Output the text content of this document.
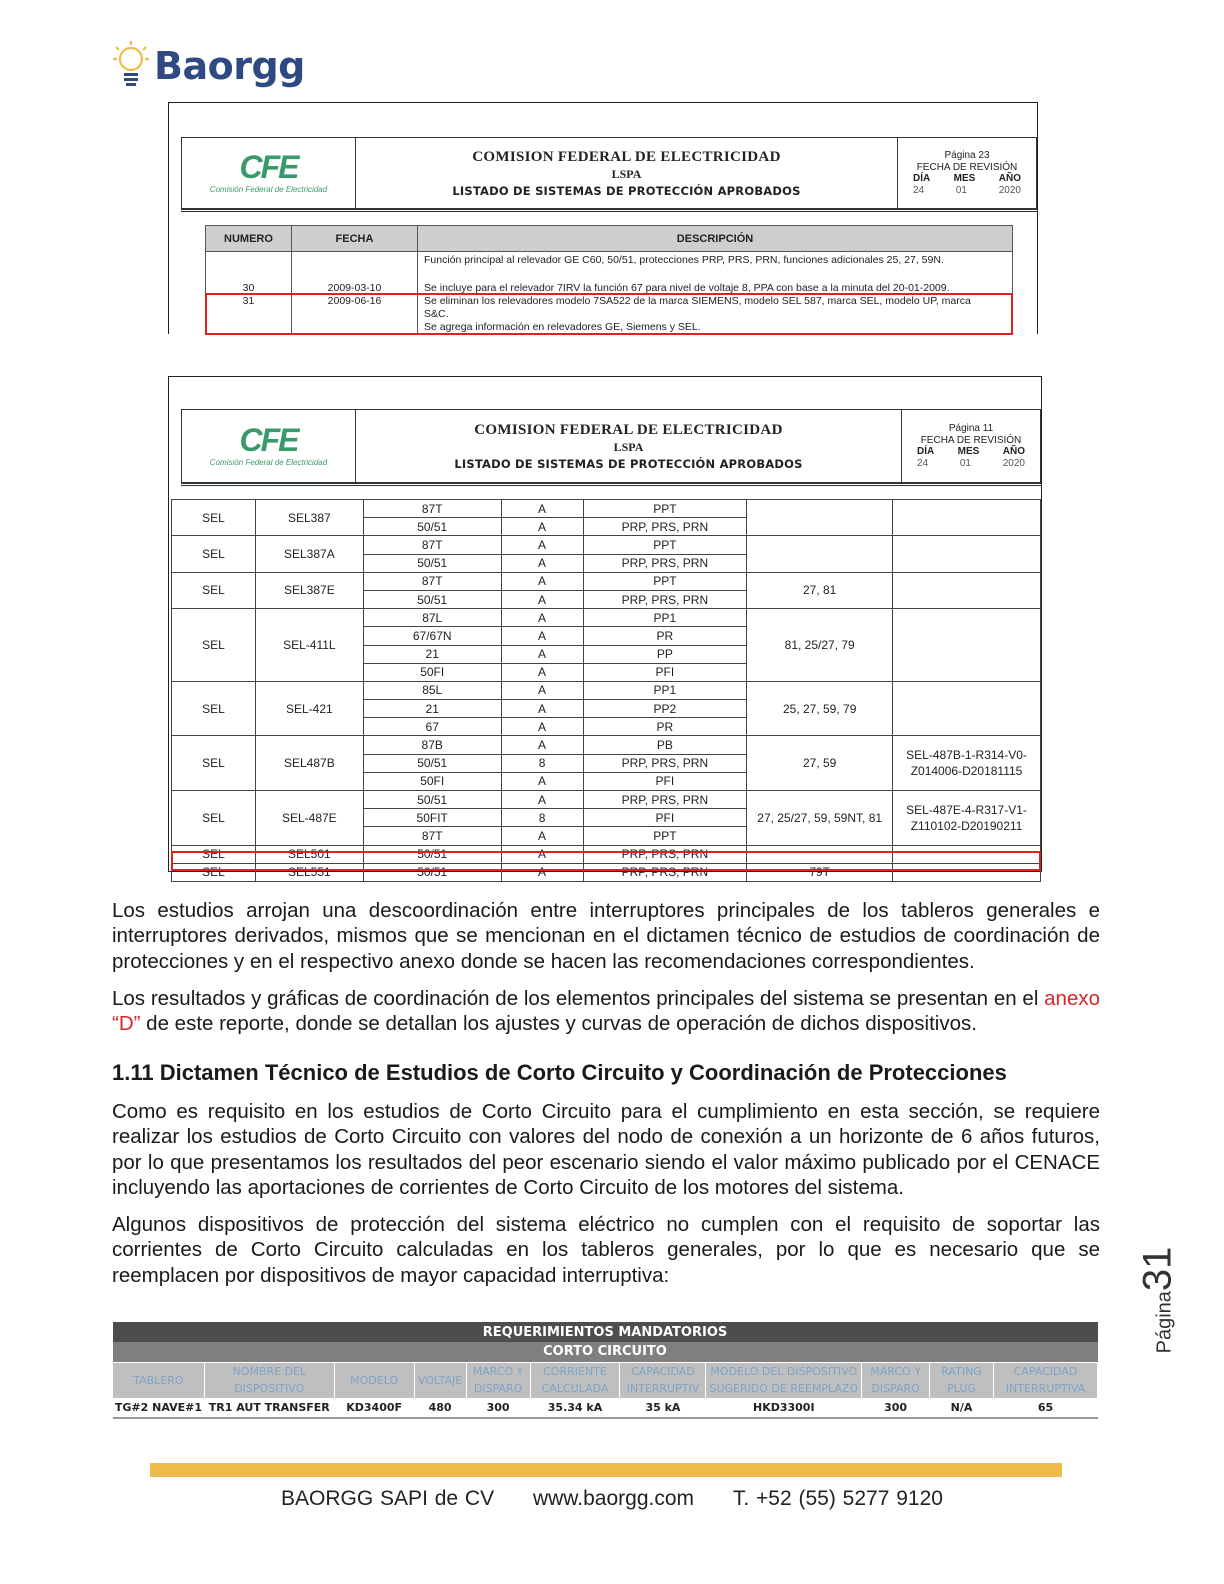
Baorgg
CFE
Comisión Federal de Electricidad
COMISION FEDERAL DE ELECTRICIDAD
LSPA
LISTADO DE SISTEMAS DE PROTECCIÓN APROBADOS
Página 23
FECHA DE REVISIÓN
DÍA MES AÑO
24	01	2020
NUMERO	FECHA	DESCRIPCIÓN
		Función principal al relevador GE C60, 50/51, protecciones PRP, PRS, PRN, funciones adicionales 25, 27, 59N.
30	2009-03-10	Se incluye para el relevador 7IRV la función 67 para nivel de voltaje 8, PPA con base a la minuta del 20-01-2009.
31	2009-06-16	Se eliminan los relevadores modelo 7SA522 de la marca SIEMENS, modelo SEL 587, marca SEL, modelo UP, marca S&C.
		Se agrega información en relevadores GE, Siemens y SEL.
CFE
Comisión Federal de Electricidad
COMISION FEDERAL DE ELECTRICIDAD
LSPA
LISTADO DE SISTEMAS DE PROTECCIÓN APROBADOS
Página 11
FECHA DE REVISIÓN
DÍA MES AÑO
24	01	2020
SEL	SEL387	87T	A	PPT		
		50/51	A	PRP, PRS, PRN		
SEL	SEL387A	87T	A	PPT		
		50/51	A	PRP, PRS, PRN		
SEL	SEL387E	87T	A	PPT	27, 81	
		50/51	A	PRP, PRS, PRN		
SEL	SEL-411L	87L	A	PP1	81, 25/27, 79	
		67/67N	A	PR		
		21	A	PP		
		50FI	A	PFI		
SEL	SEL-421	85L	A	PP1	25, 27, 59, 79	
		21	A	PP2		
		67	A	PR		
SEL	SEL487B	87B	A	PB	27, 59	SEL-487B-1-R314-V0-Z014006-D20181115
		50/51	8	PRP, PRS, PRN		
		50FI	A	PFI		
SEL	SEL-487E	50/51	A	PRP, PRS, PRN	27, 25/27, 59, 59NT, 81	SEL-487E-4-R317-V1-Z110102-D20190211
		50FIT	8	PFI		
		87T	A	PPT		
SEL	SEL501	50/51	A	PRP, PRS, PRN		
SEL	SEL551	50/51	A	PRP, PRS, PRN	79T	

Los estudios arrojan una descoordinación entre interruptores principales de los tableros generales e interruptores derivados, mismos que se mencionan en el dictamen técnico de estudios de coordinación de protecciones y en el respectivo anexo donde se hacen las recomendaciones correspondientes.

Los resultados y gráficas de coordinación de los elementos principales del sistema se presentan en el anexo “D” de este reporte, donde se detallan los ajustes y curvas de operación de dichos dispositivos.

1.11 Dictamen Técnico de Estudios de Corto Circuito y Coordinación de Protecciones

Como es requisito en los estudios de Corto Circuito para el cumplimiento en esta sección, se requiere realizar los estudios de Corto Circuito con valores del nodo de conexión a un horizonte de 6 años futuros, por lo que presentamos los resultados del peor escenario siendo el valor máximo publicado por el CENACE incluyendo las aportaciones de corrientes de Corto Circuito de los motores del sistema.

Algunos dispositivos de protección del sistema eléctrico no cumplen con el requisito de soportar las corrientes de Corto Circuito calculadas en los tableros generales, por lo que es necesario que se reemplacen por dispositivos de mayor capacidad interruptiva:

Página31
REQUERIMIENTOS MANDATORIOS										
CORTO CIRCUITO										
TABLERO	NOMBRE DEL DISPOSITIVO	MODELO	VOLTAJE	MARCO Y DISPARO	CORRIENTE CALCULADA	CAPACIDAD INTERRUPTIV	MODELO DEL DISPOSITIVO SUGERIDO DE REEMPLAZO	MARCO Y DISPARO	RATING PLUG	CAPACIDAD INTERRUPTIVA
TG#2 NAVE#1	TR1 AUT TRANSFER	KD3400F	480	300	35.34 kA	35 kA	HKD3300I	300	N/A	65
BAORGG SAPI de CV www.baorgg.com T. +52 (55) 5277 9120
